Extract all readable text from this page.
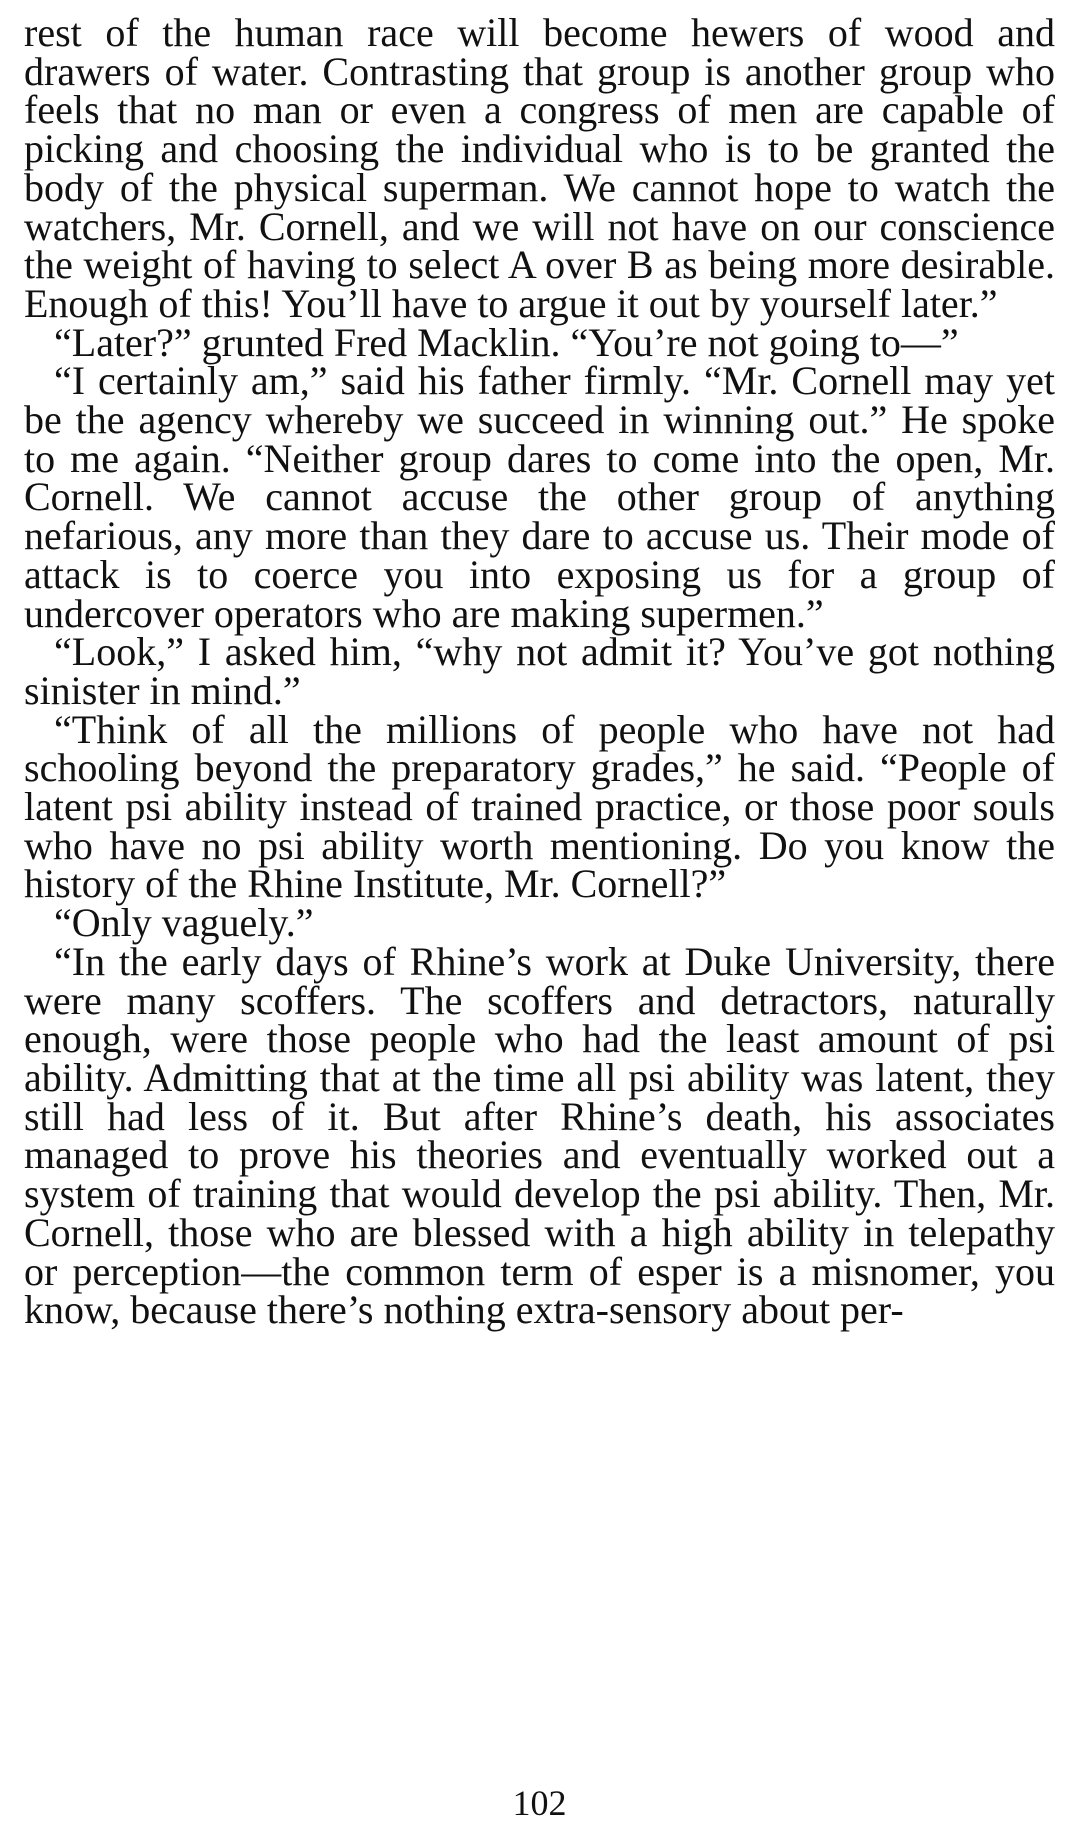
rest of the human race will become hewers of wood and drawers of water. Contrasting that group is another group who feels that no man or even a congress of men are capable of picking and choosing the individual who is to be granted the body of the physical superman. We cannot hope to watch the watchers, Mr. Cornell, and we will not have on our conscience the weight of having to select A over B as being more desirable. Enough of this! You’ll have to argue it out by yourself later.”

“Later?” grunted Fred Macklin. “You’re not going to—”

“I certainly am,” said his father firmly. “Mr. Cornell may yet be the agency whereby we succeed in winning out.” He spoke to me again. “Neither group dares to come into the open, Mr. Cornell. We cannot accuse the other group of anything nefarious, any more than they dare to accuse us. Their mode of attack is to coerce you into exposing us for a group of undercover operators who are making supermen.”

“Look,” I asked him, “why not admit it? You’ve got nothing sinister in mind.”

“Think of all the millions of people who have not had schooling beyond the preparatory grades,” he said. “People of latent psi ability instead of trained practice, or those poor souls who have no psi ability worth mentioning. Do you know the history of the Rhine Institute, Mr. Cornell?”

“Only vaguely.”

“In the early days of Rhine’s work at Duke University, there were many scoffers. The scoffers and detractors, naturally enough, were those people who had the least amount of psi ability. Admitting that at the time all psi ability was latent, they still had less of it. But after Rhine’s death, his associates managed to prove his theories and eventually worked out a system of training that would develop the psi ability. Then, Mr. Cornell, those who are blessed with a high ability in telepathy or perception—the common term of esper is a misnomer, you know, because there’s nothing extra-sensory about per-

102
